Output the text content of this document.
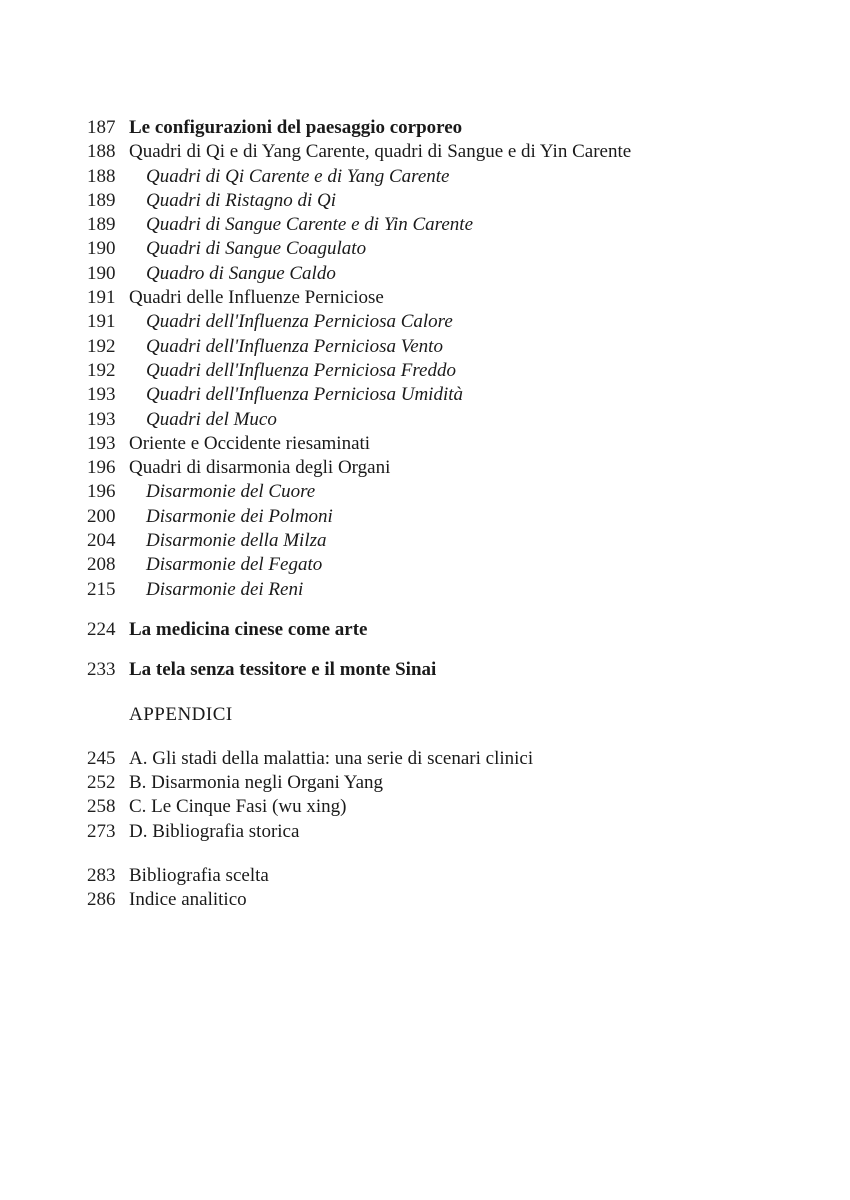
187 Le configurazioni del paesaggio corporeo
188 Quadri di Qi e di Yang Carente, quadri di Sangue e di Yin Carente
188	Quadri di Qi Carente e di Yang Carente
189	Quadri di Ristagno di Qi
189	Quadri di Sangue Carente e di Yin Carente
190	Quadri di Sangue Coagulato
190	Quadro di Sangue Caldo
191 Quadri delle Influenze Perniciose
191	Quadri dell'Influenza Perniciosa Calore
192	Quadri dell'Influenza Perniciosa Vento
192	Quadri dell'Influenza Perniciosa Freddo
193	Quadri dell'Influenza Perniciosa Umidità
193	Quadri del Muco
193 Oriente e Occidente riesaminati
196 Quadri di disarmonia degli Organi
196	Disarmonie del Cuore
200	Disarmonie dei Polmoni
204	Disarmonie della Milza
208	Disarmonie del Fegato
215	Disarmonie dei Reni
224 La medicina cinese come arte
233 La tela senza tessitore e il monte Sinai
APPENDICI
245 A. Gli stadi della malattia: una serie di scenari clinici
252 B. Disarmonia negli Organi Yang
258 C. Le Cinque Fasi (wu xing)
273 D. Bibliografia storica
283 Bibliografia scelta
286 Indice analitico
